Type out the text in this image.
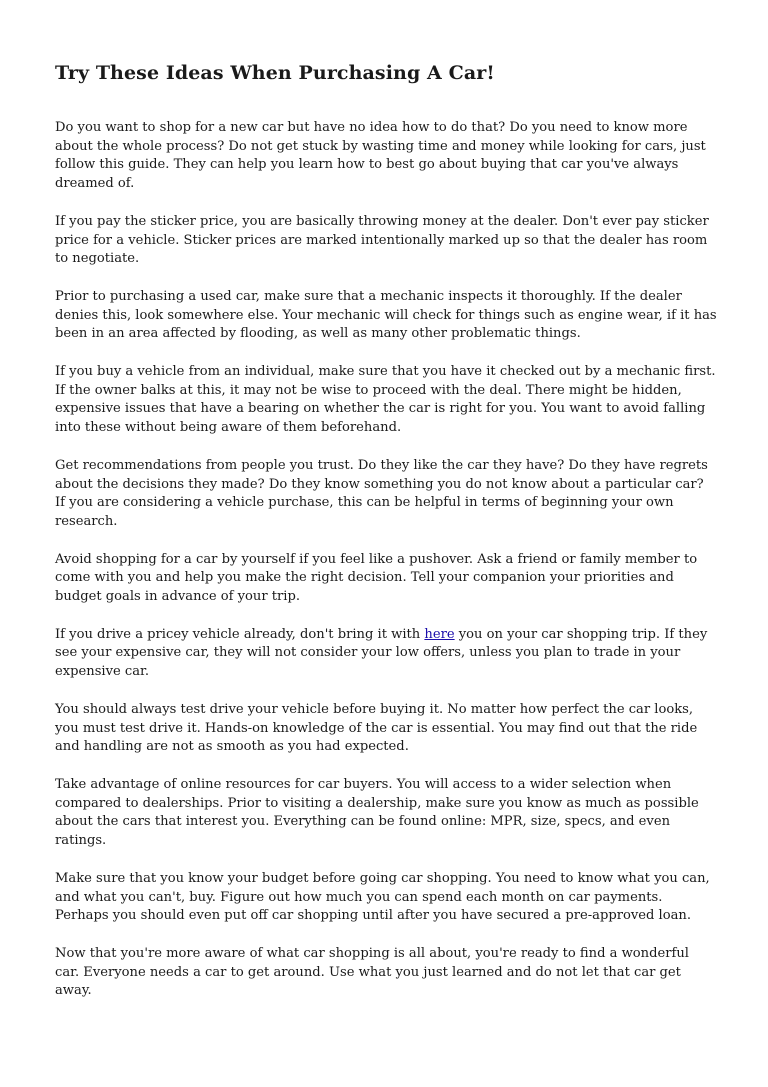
Try These Ideas When Purchasing A Car!

Do you want to shop for a new car but have no idea how to do that? Do you need to know more about the whole process? Do not get stuck by wasting time and money while looking for cars, just follow this guide. They can help you learn how to best go about buying that car you've always dreamed of.

If you pay the sticker price, you are basically throwing money at the dealer. Don't ever pay sticker price for a vehicle. Sticker prices are marked intentionally marked up so that the dealer has room to negotiate.

Prior to purchasing a used car, make sure that a mechanic inspects it thoroughly. If the dealer denies this, look somewhere else. Your mechanic will check for things such as engine wear, if it has been in an area affected by flooding, as well as many other problematic things.

If you buy a vehicle from an individual, make sure that you have it checked out by a mechanic first. If the owner balks at this, it may not be wise to proceed with the deal. There might be hidden, expensive issues that have a bearing on whether the car is right for you. You want to avoid falling into these without being aware of them beforehand.

Get recommendations from people you trust. Do they like the car they have? Do they have regrets about the decisions they made? Do they know something you do not know about a particular car? If you are considering a vehicle purchase, this can be helpful in terms of beginning your own research.

Avoid shopping for a car by yourself if you feel like a pushover. Ask a friend or family member to come with you and help you make the right decision. Tell your companion your priorities and budget goals in advance of your trip.

If you drive a pricey vehicle already, don't bring it with here you on your car shopping trip. If they see your expensive car, they will not consider your low offers, unless you plan to trade in your expensive car.

You should always test drive your vehicle before buying it. No matter how perfect the car looks, you must test drive it. Hands-on knowledge of the car is essential. You may find out that the ride and handling are not as smooth as you had expected.

Take advantage of online resources for car buyers. You will access to a wider selection when compared to dealerships. Prior to visiting a dealership, make sure you know as much as possible about the cars that interest you. Everything can be found online: MPR, size, specs, and even ratings.

Make sure that you know your budget before going car shopping. You need to know what you can, and what you can't, buy. Figure out how much you can spend each month on car payments. Perhaps you should even put off car shopping until after you have secured a pre-approved loan.

Now that you're more aware of what car shopping is all about, you're ready to find a wonderful car. Everyone needs a car to get around. Use what you just learned and do not let that car get away.
